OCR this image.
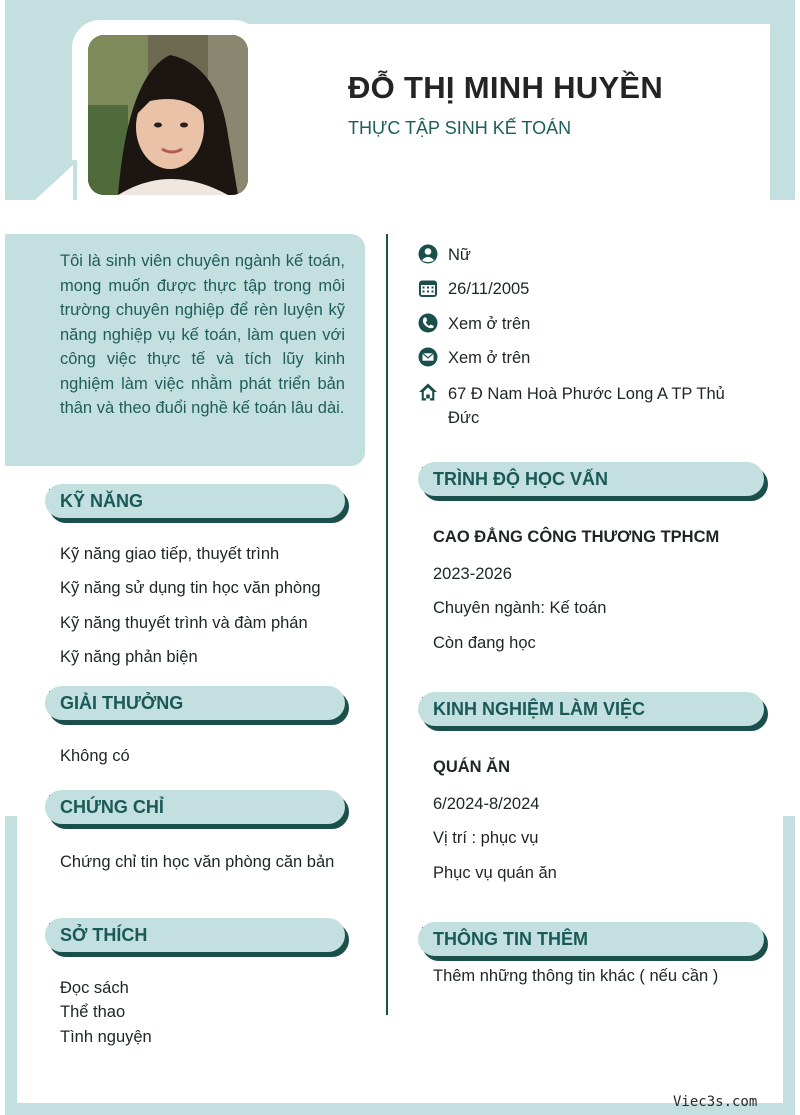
ĐỖ THỊ MINH HUYỀN
THỰC TẬP SINH KẾ TOÁN
Tôi là sinh viên chuyên ngành kế toán, mong muốn được thực tập trong môi trường chuyên nghiệp để rèn luyện kỹ năng nghiệp vụ kế toán, làm quen với công việc thực tế và tích lũy kinh nghiệm làm việc nhằm phát triển bản thân và theo đuổi nghề kế toán lâu dài.
Nữ
26/11/2005
Xem ở trên
Xem ở trên
67 Đ Nam Hoà Phước Long A TP Thủ Đức
KỸ NĂNG
Kỹ năng giao tiếp, thuyết trình
Kỹ năng sử dụng tin học văn phòng
Kỹ năng thuyết trình và đàm phán
Kỹ năng phản biện
GIẢI THƯỞNG
Không có
CHỨNG CHỈ
Chứng chỉ tin học văn phòng căn bản
SỞ THÍCH
Đọc sách
Thể thao
Tình nguyện
TRÌNH ĐỘ HỌC VẤN
CAO ĐẲNG CÔNG THƯƠNG TPHCM
2023-2026
Chuyên ngành: Kế toán
Còn đang học
KINH NGHIỆM LÀM VIỆC
QUÁN ĂN
6/2024-8/2024
Vị trí : phục vụ
Phục vụ quán ăn
THÔNG TIN THÊM
Thêm những thông tin khác ( nếu cần )
Viec3s.com
